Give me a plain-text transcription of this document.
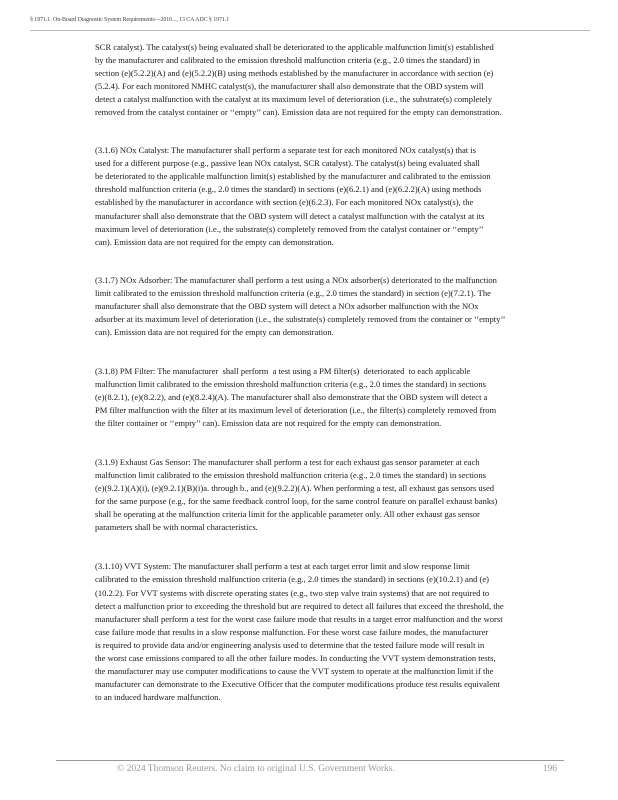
§ 1971.1. On-Board Diagnostic System Requirements—2010..., 13 CA ADC § 1971.1

SCR catalyst). The catalyst(s) being evaluated shall be deteriorated to the applicable malfunction limit(s) established
by the manufacturer and calibrated to the emission threshold malfunction criteria (e.g., 2.0 times the standard) in
section (e)(5.2.2)(A) and (e)(5.2.2)(B) using methods established by the manufacturer in accordance with section (e)
(5.2.4). For each monitored NMHC catalyst(s), the manufacturer shall also demonstrate that the OBD system will
detect a catalyst malfunction with the catalyst at its maximum level of deterioration (i.e., the substrate(s) completely
removed from the catalyst container or ‘‘empty’’ can). Emission data are not required for the empty can demonstration.

(3.1.6) NOx Catalyst: The manufacturer shall perform a separate test for each monitored NOx catalyst(s) that is
used for a different purpose (e.g., passive lean NOx catalyst, SCR catalyst). The catalyst(s) being evaluated shall
be deteriorated to the applicable malfunction limit(s) established by the manufacturer and calibrated to the emission
threshold malfunction criteria (e.g., 2.0 times the standard) in sections (e)(6.2.1) and (e)(6.2.2)(A) using methods
established by the manufacturer in accordance with section (e)(6.2.3). For each monitored NOx catalyst(s), the
manufacturer shall also demonstrate that the OBD system will detect a catalyst malfunction with the catalyst at its
maximum level of deterioration (i.e., the substrate(s) completely removed from the catalyst container or ‘‘empty’’
can). Emission data are not required for the empty can demonstration.

(3.1.7) NOx Adsorber: The manufacturer shall perform a test using a NOx adsorber(s) deteriorated to the malfunction
limit calibrated to the emission threshold malfunction criteria (e.g., 2.0 times the standard) in section (e)(7.2.1). The
manufacturer shall also demonstrate that the OBD system will detect a NOx adsorber malfunction with the NOx
adsorber at its maximum level of deterioration (i.e., the substrate(s) completely removed from the container or ‘‘empty’’
can). Emission data are not required for the empty can demonstration.

(3.1.8) PM Filter: The manufacturer  shall perform  a test using a PM filter(s)  deteriorated  to each applicable
malfunction limit calibrated to the emission threshold malfunction criteria (e.g., 2.0 times the standard) in sections
(e)(8.2.1), (e)(8.2.2), and (e)(8.2.4)(A). The manufacturer shall also demonstrate that the OBD system will detect a
PM filter malfunction with the filter at its maximum level of deterioration (i.e., the filter(s) completely removed from
the filter container or ‘‘empty’’ can). Emission data are not required for the empty can demonstration.

(3.1.9) Exhaust Gas Sensor: The manufacturer shall perform a test for each exhaust gas sensor parameter at each
malfunction limit calibrated to the emission threshold malfunction criteria (e.g., 2.0 times the standard) in sections
(e)(9.2.1)(A)(i), (e)(9.2.1)(B)(i)a. through b., and (e)(9.2.2)(A). When performing a test, all exhaust gas sensors used
for the same purpose (e.g., for the same feedback control loop, for the same control feature on parallel exhaust banks)
shall be operating at the malfunction criteria limit for the applicable parameter only. All other exhaust gas sensor
parameters shall be with normal characteristics.

(3.1.10) VVT System: The manufacturer shall perform a test at each target error limit and slow response limit
calibrated to the emission threshold malfunction criteria (e.g., 2.0 times the standard) in sections (e)(10.2.1) and (e)
(10.2.2). For VVT systems with discrete operating states (e.g., two step valve train systems) that are not required to
detect a malfunction prior to exceeding the threshold but are required to detect all failures that exceed the threshold, the
manufacturer shall perform a test for the worst case failure mode that results in a target error malfunction and the worst
case failure mode that results in a slow response malfunction. For these worst case failure modes, the manufacturer
is required to provide data and/or engineering analysis used to determine that the tested failure mode will result in
the worst case emissions compared to all the other failure modes. In conducting the VVT system demonstration tests,
the manufacturer may use computer modifications to cause the VVT system to operate at the malfunction limit if the
manufacturer can demonstrate to the Executive Officer that the computer modifications produce test results equivalent
to an induced hardware malfunction.

© 2024 Thomson Reuters. No claim to original U.S. Government Works.	196
